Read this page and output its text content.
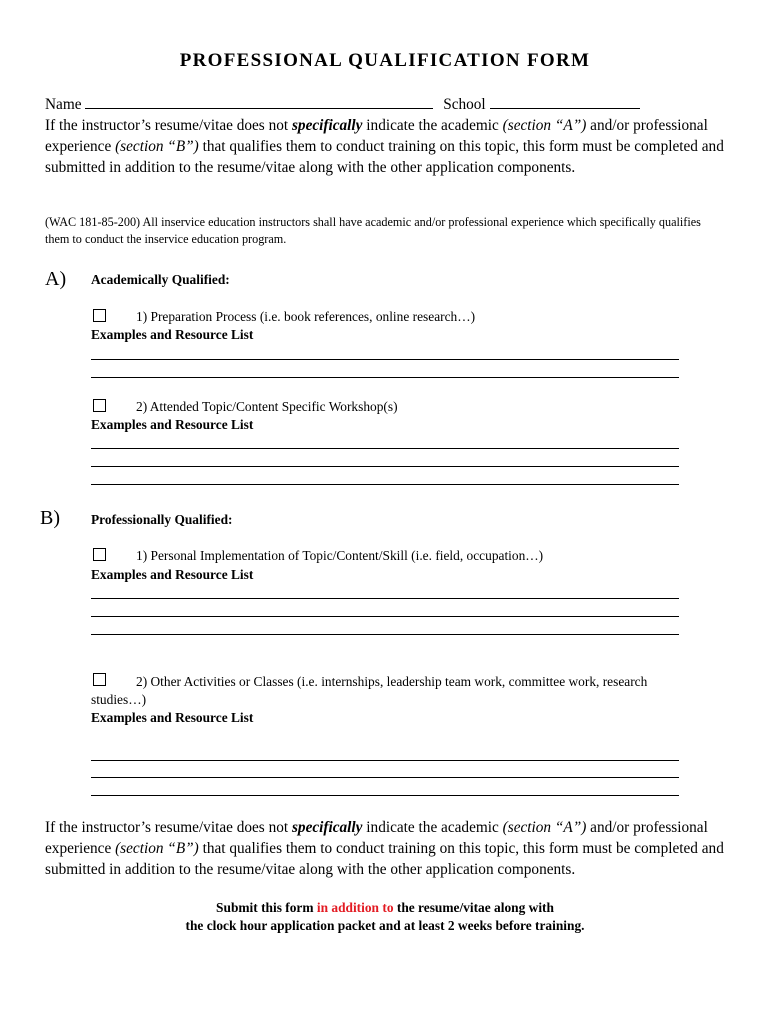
PROFESSIONAL QUALIFICATION FORM
Name	School
If the instructor’s resume/vitae does not specifically indicate the academic (section “A”) and/or professional experience (section “B”) that qualifies them to conduct training on this topic, this form must be completed and submitted in addition to the resume/vitae along with the other application components.
(WAC 181-85-200) All inservice education instructors shall have academic and/or professional experience which specifically qualifies them to conduct the inservice education program.
A) Academically Qualified:
1) Preparation Process (i.e. book references, online research…)
Examples and Resource List
2) Attended Topic/Content Specific Workshop(s)
Examples and Resource List
B) Professionally Qualified:
1) Personal Implementation of Topic/Content/Skill (i.e. field, occupation…)
Examples and Resource List
2) Other Activities or Classes (i.e. internships, leadership team work, committee work, research
studies…)
Examples and Resource List
If the instructor’s resume/vitae does not specifically indicate the academic (section “A”) and/or professional experience (section “B”) that qualifies them to conduct training on this topic, this form must be completed and submitted in addition to the resume/vitae along with the other application components.
Submit this form in addition to the resume/vitae along with
the clock hour application packet and at least 2 weeks before training.
